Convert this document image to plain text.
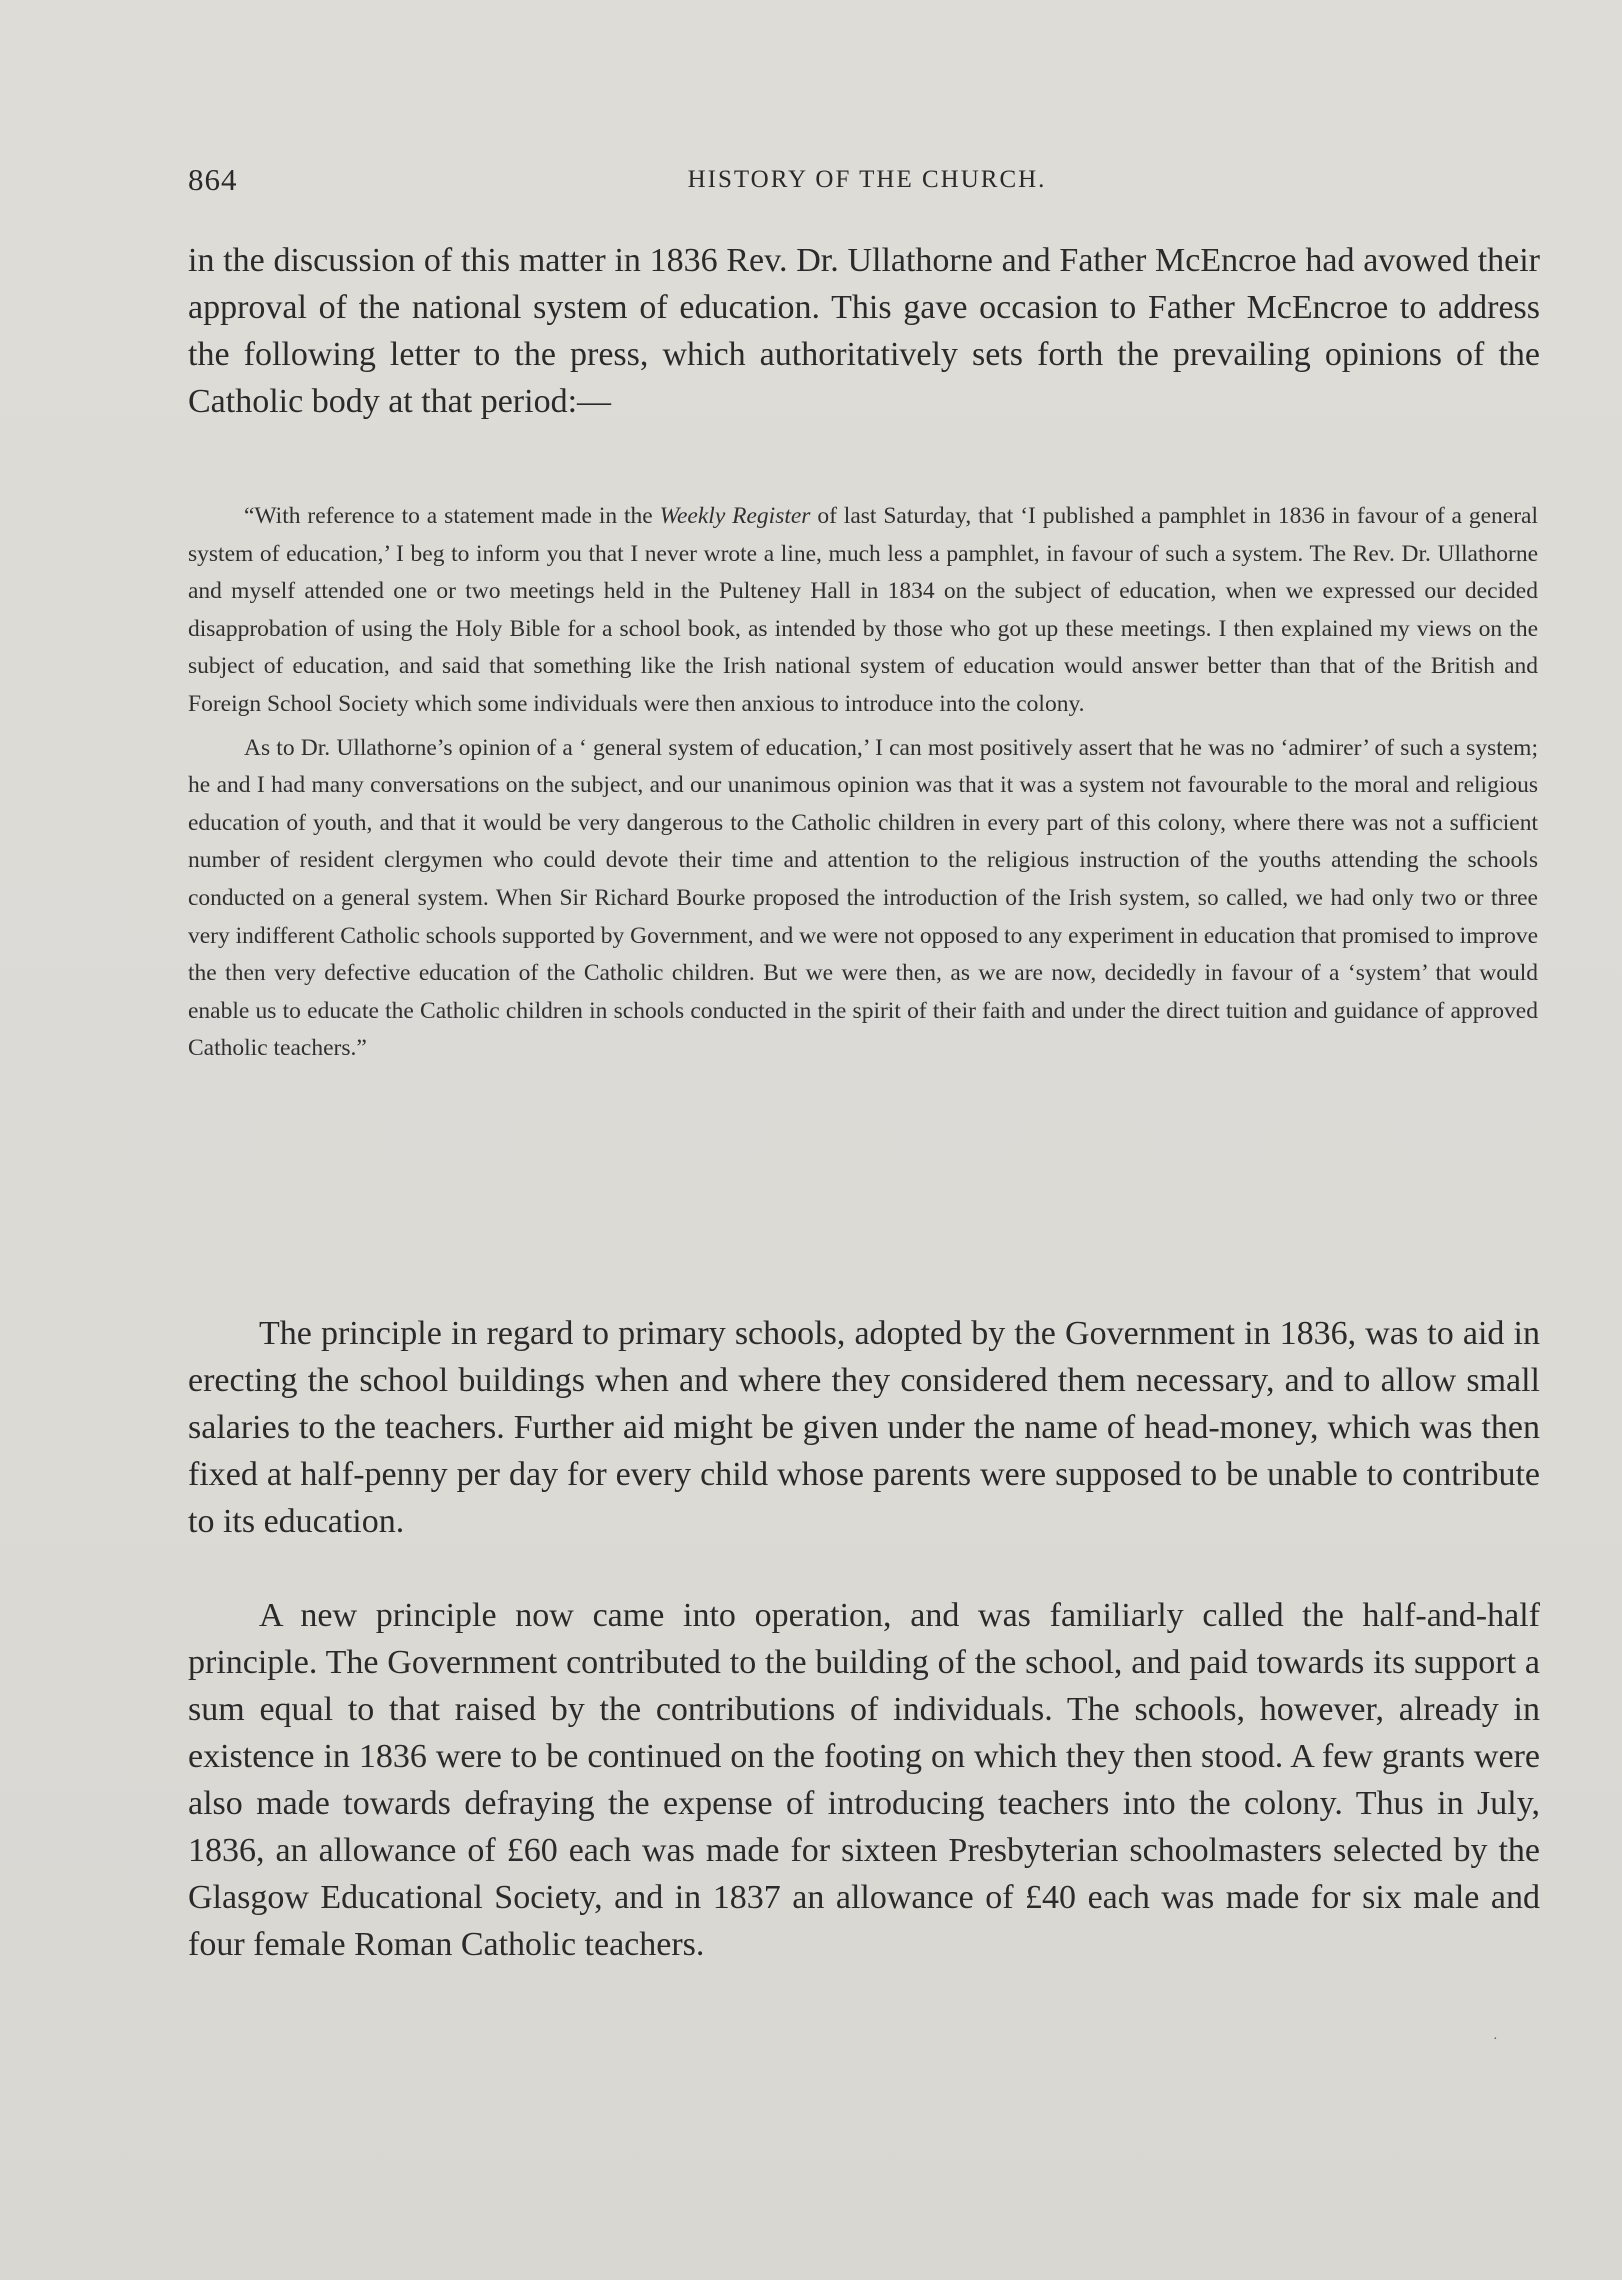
864	HISTORY OF THE CHURCH.

in the discussion of this matter in 1836 Rev. Dr. Ullathorne and Father McEncroe had avowed their approval of the national system of education. This gave occasion to Father McEncroe to address the following letter to the press, which authoritatively sets forth the prevailing opinions of the Catholic body at that period:—

“With reference to a statement made in the Weekly Register of last Saturday, that ‘I published a pamphlet in 1836 in favour of a general system of education,’ I beg to inform you that I never wrote a line, much less a pamphlet, in favour of such a system. The Rev. Dr. Ullathorne and myself attended one or two meetings held in the Pulteney Hall in 1834 on the subject of education, when we expressed our decided disapprobation of using the Holy Bible for a school book, as intended by those who got up these meetings. I then explained my views on the subject of education, and said that something like the Irish national system of education would answer better than that of the British and Foreign School Society which some individuals were then anxious to introduce into the colony.

As to Dr. Ullathorne’s opinion of a ‘ general system of education,’ I can most positively assert that he was no ‘admirer’ of such a system; he and I had many conversations on the subject, and our unanimous opinion was that it was a system not favourable to the moral and religious education of youth, and that it would be very dangerous to the Catholic children in every part of this colony, where there was not a sufficient number of resident clergymen who could devote their time and attention to the religious instruction of the youths attending the schools conducted on a general system. When Sir Richard Bourke proposed the introduction of the Irish system, so called, we had only two or three very indifferent Catholic schools supported by Government, and we were not opposed to any experiment in education that promised to improve the then very defective education of the Catholic children. But we were then, as we are now, decidedly in favour of a ‘system’ that would enable us to educate the Catholic children in schools conducted in the spirit of their faith and under the direct tuition and guidance of approved Catholic teachers.”

The principle in regard to primary schools, adopted by the Government in 1836, was to aid in erecting the school buildings when and where they considered them necessary, and to allow small salaries to the teachers. Further aid might be given under the name of head-money, which was then fixed at half-penny per day for every child whose parents were supposed to be unable to contribute to its education.

A new principle now came into operation, and was familiarly called the half-and-half principle. The Government contributed to the building of the school, and paid towards its support a sum equal to that raised by the contributions of individuals. The schools, however, already in existence in 1836 were to be continued on the footing on which they then stood. A few grants were also made towards defraying the expense of introducing teachers into the colony. Thus in July, 1836, an allowance of £60 each was made for sixteen Presbyterian schoolmasters selected by the Glasgow Educational Society, and in 1837 an allowance of £40 each was made for six male and four female Roman Catholic teachers.

·
